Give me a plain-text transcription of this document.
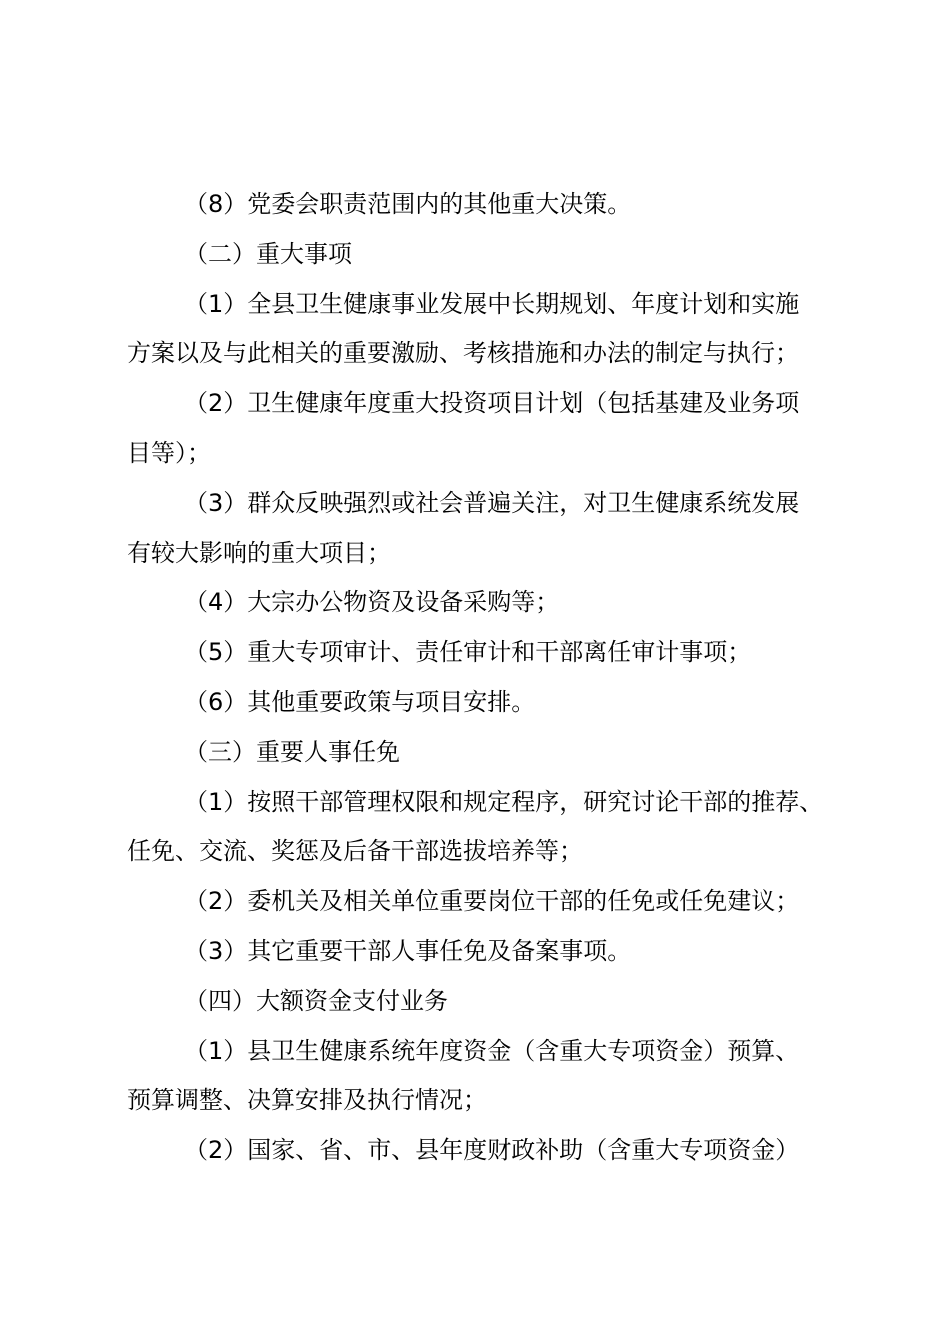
（8）党委会职责范围内的其他重大决策。

（二）重大事项

（1）全县卫生健康事业发展中长期规划、年度计划和实施

方案以及与此相关的重要激励、考核措施和办法的制定与执行；

（2）卫生健康年度重大投资项目计划（包括基建及业务项

目等）；

（3）群众反映强烈或社会普遍关注，对卫生健康系统发展

有较大影响的重大项目；

（4）大宗办公物资及设备采购等；

（5）重大专项审计、责任审计和干部离任审计事项；

（6）其他重要政策与项目安排。

（三）重要人事任免

（1）按照干部管理权限和规定程序，研究讨论干部的推荐、

任免、交流、奖惩及后备干部选拔培养等；

（2）委机关及相关单位重要岗位干部的任免或任免建议；

（3）其它重要干部人事任免及备案事项。

（四）大额资金支付业务

（1）县卫生健康系统年度资金（含重大专项资金）预算、

预算调整、决算安排及执行情况；

（2）国家、省、市、县年度财政补助（含重大专项资金）
